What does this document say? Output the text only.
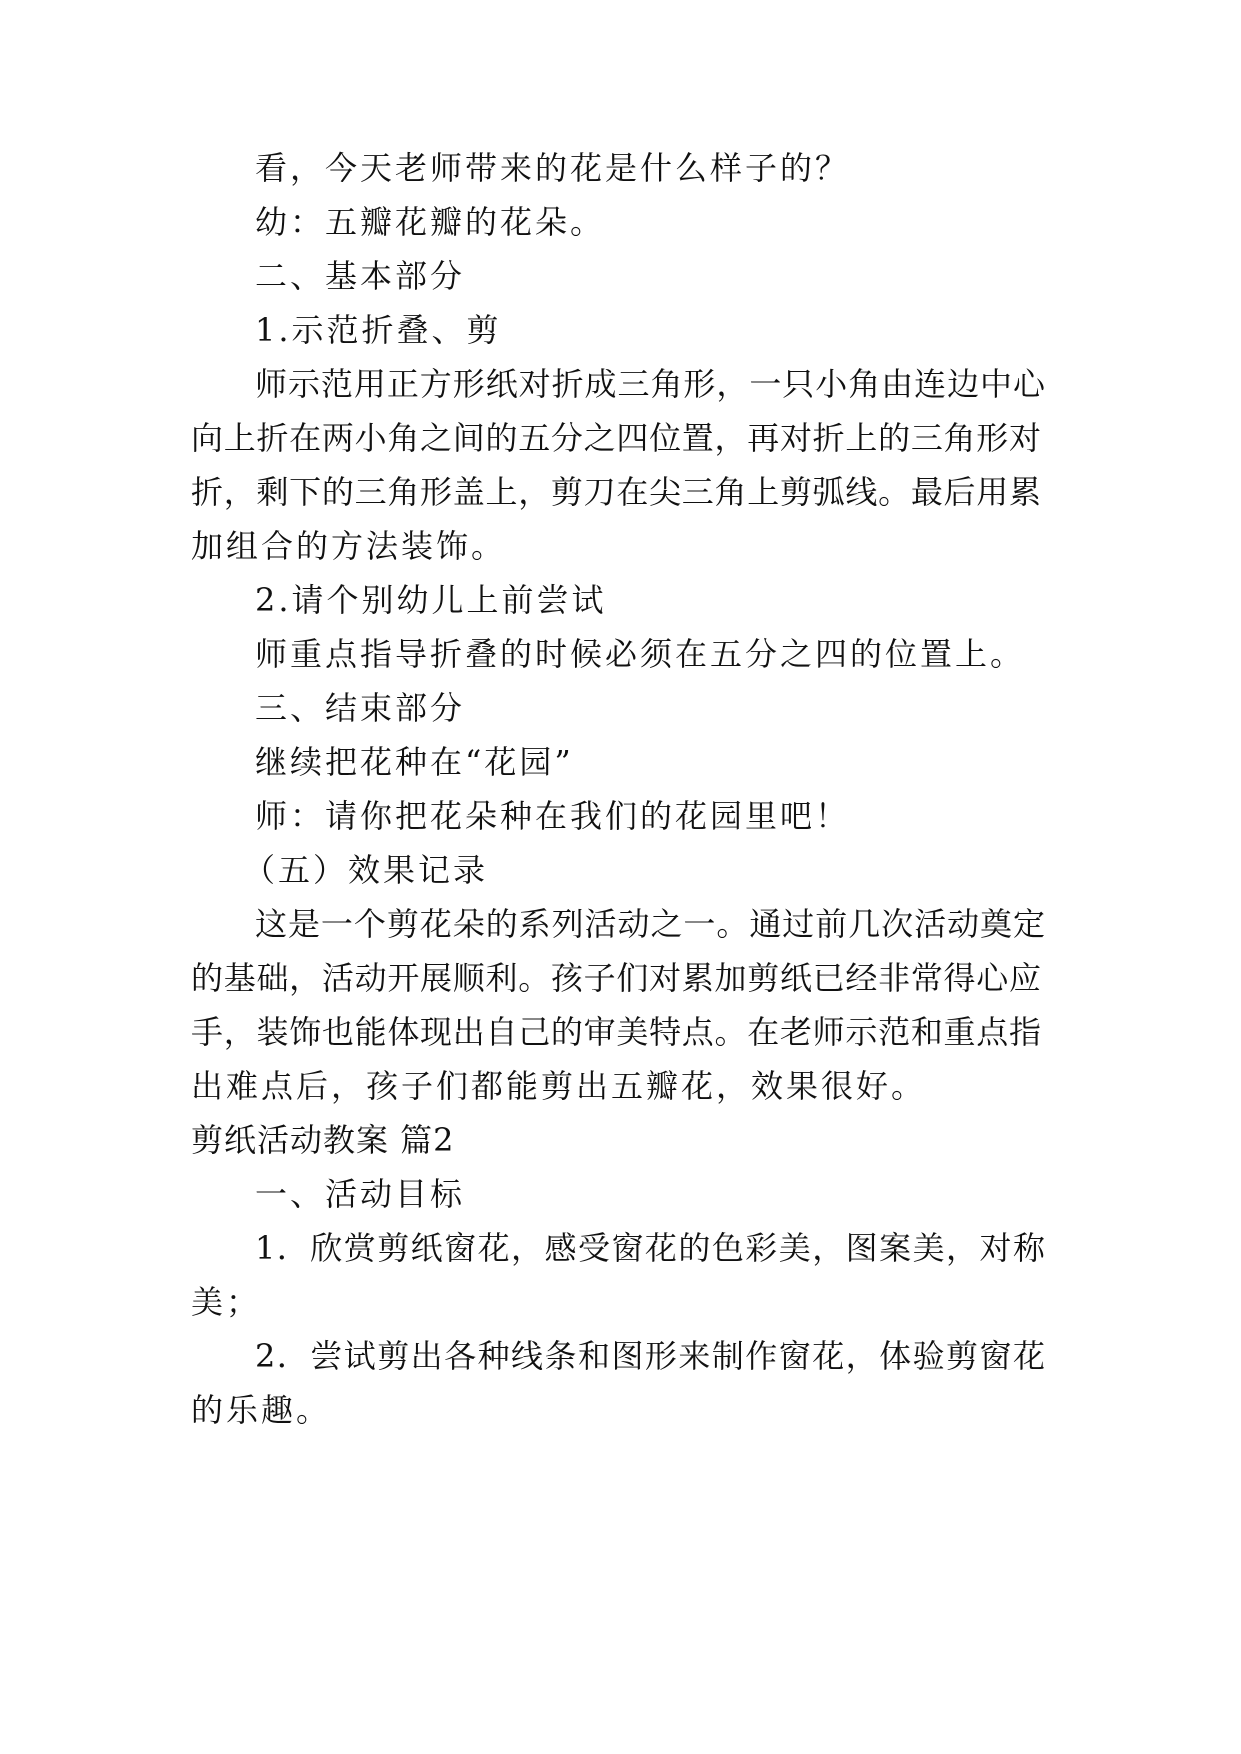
看，今天老师带来的花是什么样子的？
幼：五瓣花瓣的花朵。
二、基本部分
1.示范折叠、剪
师示范用正方形纸对折成三角形，一只小角由连边中心
向上折在两小角之间的五分之四位置，再对折上的三角形对
折，剩下的三角形盖上，剪刀在尖三角上剪弧线。最后用累
加组合的方法装饰。
2.请个别幼儿上前尝试
师重点指导折叠的时候必须在五分之四的位置上。
三、结束部分
继续把花种在“花园”
师：请你把花朵种在我们的花园里吧！
（五）效果记录
这是一个剪花朵的系列活动之一。通过前几次活动奠定
的基础，活动开展顺利。孩子们对累加剪纸已经非常得心应
手，装饰也能体现出自己的审美特点。在老师示范和重点指
出难点后，孩子们都能剪出五瓣花，效果很好。
剪纸活动教案 篇2
一、活动目标
1．欣赏剪纸窗花，感受窗花的色彩美，图案美，对称
美；
2．尝试剪出各种线条和图形来制作窗花，体验剪窗花
的乐趣。
